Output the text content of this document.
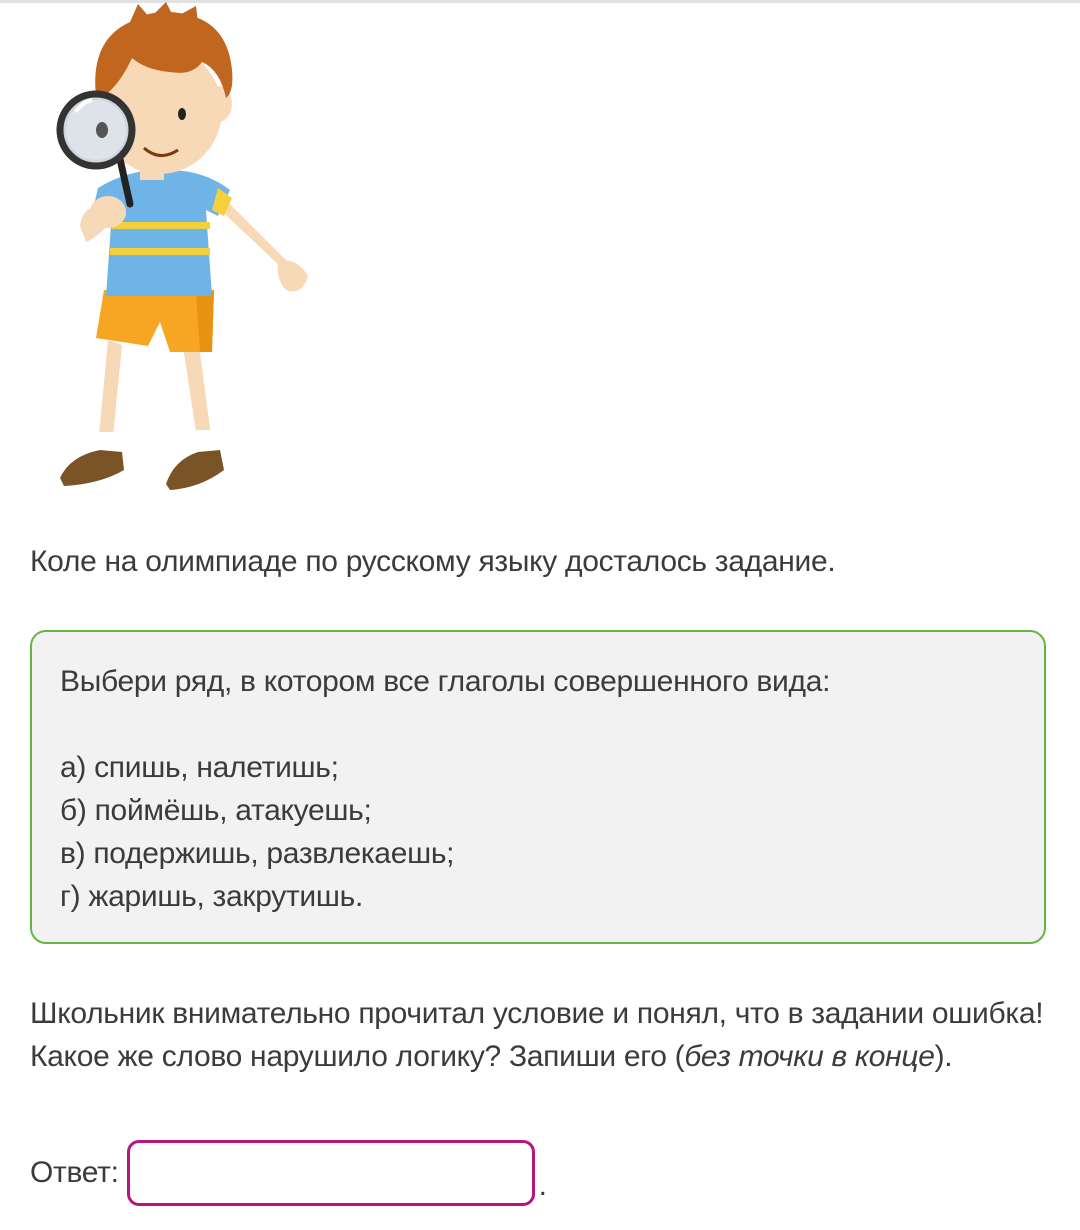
Коле на олимпиаде по русскому языку досталось задание.
Выбери ряд, в котором все глаголы совершенного вида:
а) спишь, налетишь;
б) поймёшь, атакуешь;
в) подержишь, развлекаешь;
г) жаришь, закрутишь.
Школьник внимательно прочитал условие и понял, что в задании ошибка!
Какое же слово нарушило логику? Запиши его (без точки в конце).
Ответ:	.
